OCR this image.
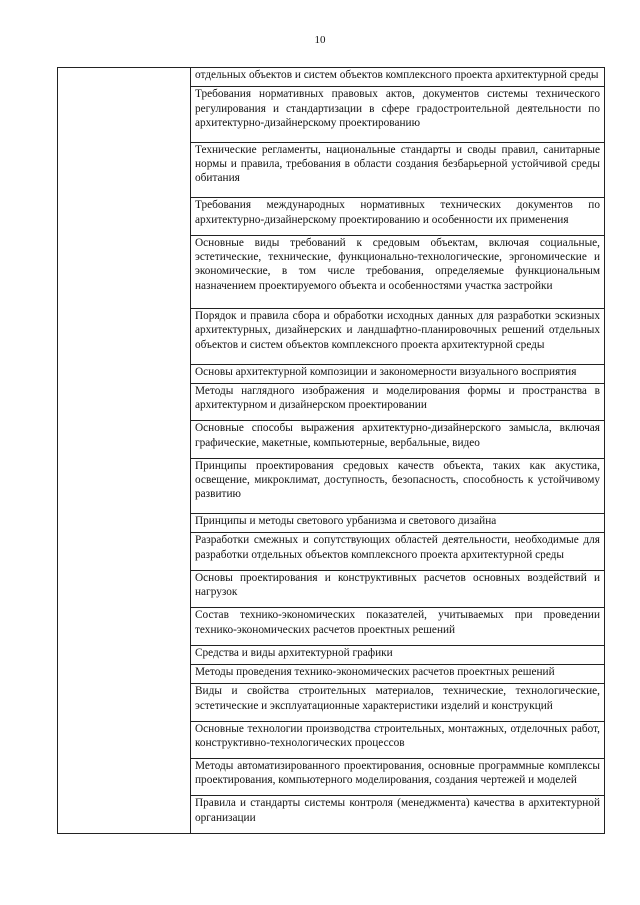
10
	отдельных объектов и систем объектов комплексного проекта архитектурной среды
Требования нормативных правовых актов, документов системы технического регулирования и стандартизации в сфере градостроительной деятельности по архитектурно-дизайнерскому проектированию
Технические регламенты, национальные стандарты и своды правил, санитарные нормы и правила, требования в области создания безбарьерной устойчивой среды обитания
Требования международных нормативных технических документов по архитектурно-дизайнерскому проектированию и особенности их применения
Основные виды требований к средовым объектам, включая социальные, эстетические, технические, функционально-технологические, эргономические и экономические, в том числе требования, определяемые функциональным назначением проектируемого объекта и особенностями участка застройки
Порядок и правила сбора и обработки исходных данных для разработки эскизных архитектурных, дизайнерских и ландшафтно-планировочных решений отдельных объектов и систем объектов комплексного проекта архитектурной среды
Основы архитектурной композиции и закономерности визуального восприятия
Методы наглядного изображения и моделирования формы и пространства в архитектурном и дизайнерском проектировании
Основные способы выражения архитектурно-дизайнерского замысла, включая графические, макетные, компьютерные, вербальные, видео
Принципы проектирования средовых качеств объекта, таких как акустика, освещение, микроклимат, доступность, безопасность, способность к устойчивому развитию
Принципы и методы светового урбанизма и светового дизайна
Разработки смежных и сопутствующих областей деятельности, необходимые для разработки отдельных объектов комплексного проекта архитектурной среды
Основы проектирования и конструктивных расчетов основных воздействий и нагрузок
Состав технико-экономических показателей, учитываемых при проведении технико-экономических расчетов проектных решений
Средства и виды архитектурной графики
Методы проведения технико-экономических расчетов проектных решений
Виды и свойства строительных материалов, технические, технологические, эстетические и эксплуатационные характеристики изделий и конструкций
Основные технологии производства строительных, монтажных, отделочных работ, конструктивно-технологических процессов
Методы автоматизированного проектирования, основные программные комплексы проектирования, компьютерного моделирования, создания чертежей и моделей
Правила и стандарты системы контроля (менеджмента) качества в архитектурной организации
